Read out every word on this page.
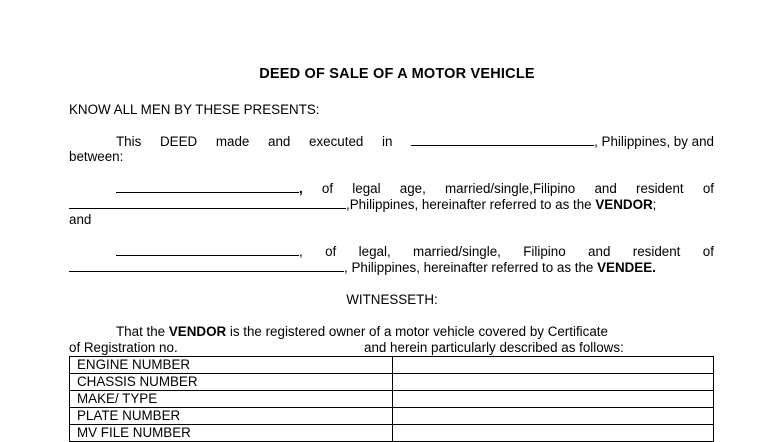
DEED OF SALE OF A MOTOR VEHICLE
KNOW ALL MEN BY THESE PRESENTS:
This DEED made and executed in	, Philippines, by and
between:
, of legal age, married/single,Filipino and resident of
,Philippines, hereinafter referred to as the VENDOR;
and
, of legal, married/single, Filipino and resident of
, Philippines, hereinafter referred to as the VENDEE.
WITNESSETH:
That the VENDOR is the registered owner of a motor vehicle covered by Certificate
of Registration no.	and herein particularly described as follows:
ENGINE NUMBER	
CHASSIS NUMBER	
MAKE/ TYPE	
PLATE NUMBER	
MV FILE NUMBER	
